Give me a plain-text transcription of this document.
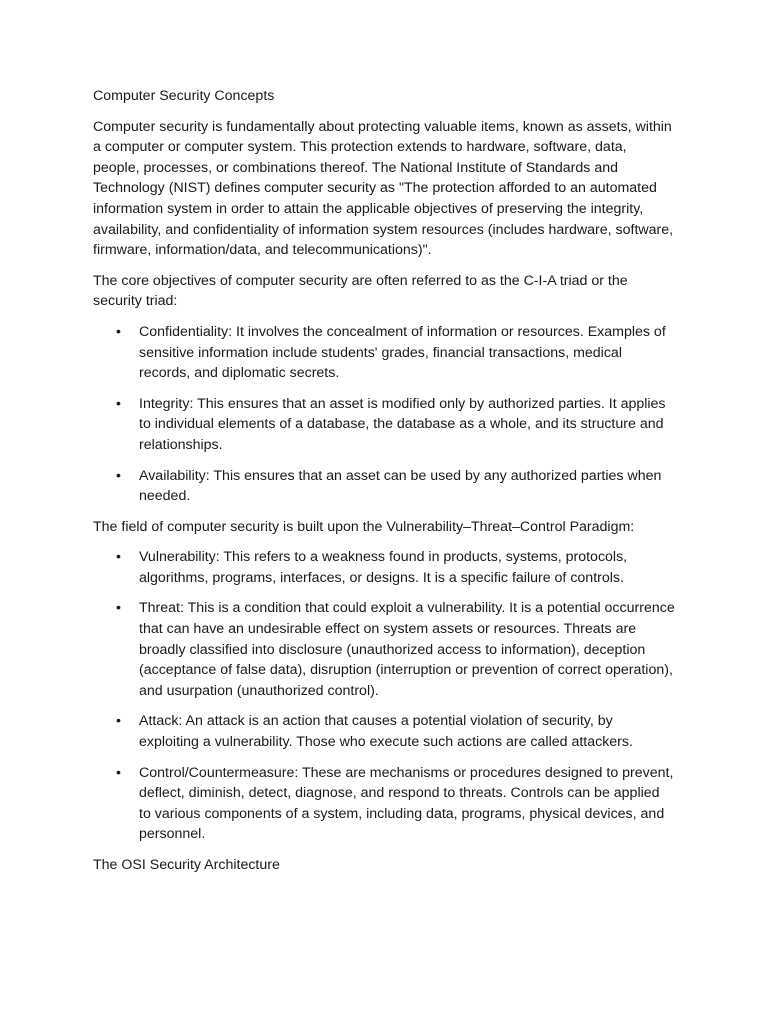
Computer Security Concepts

Computer security is fundamentally about protecting valuable items, known as assets, within a computer or computer system. This protection extends to hardware, software, data, people, processes, or combinations thereof. The National Institute of Standards and Technology (NIST) defines computer security as "The protection afforded to an automated information system in order to attain the applicable objectives of preserving the integrity, availability, and confidentiality of information system resources (includes hardware, software, firmware, information/data, and telecommunications)".

The core objectives of computer security are often referred to as the C-I-A triad or the security triad:

• Confidentiality: It involves the concealment of information or resources. Examples of sensitive information include students' grades, financial transactions, medical records, and diplomatic secrets.
• Integrity: This ensures that an asset is modified only by authorized parties. It applies to individual elements of a database, the database as a whole, and its structure and relationships.
• Availability: This ensures that an asset can be used by any authorized parties when needed.

The field of computer security is built upon the Vulnerability–Threat–Control Paradigm:

• Vulnerability: This refers to a weakness found in products, systems, protocols, algorithms, programs, interfaces, or designs. It is a specific failure of controls.
• Threat: This is a condition that could exploit a vulnerability. It is a potential occurrence that can have an undesirable effect on system assets or resources. Threats are broadly classified into disclosure (unauthorized access to information), deception (acceptance of false data), disruption (interruption or prevention of correct operation), and usurpation (unauthorized control).
• Attack: An attack is an action that causes a potential violation of security, by exploiting a vulnerability. Those who execute such actions are called attackers.
• Control/Countermeasure: These are mechanisms or procedures designed to prevent, deflect, diminish, detect, diagnose, and respond to threats. Controls can be applied to various components of a system, including data, programs, physical devices, and personnel.

The OSI Security Architecture
